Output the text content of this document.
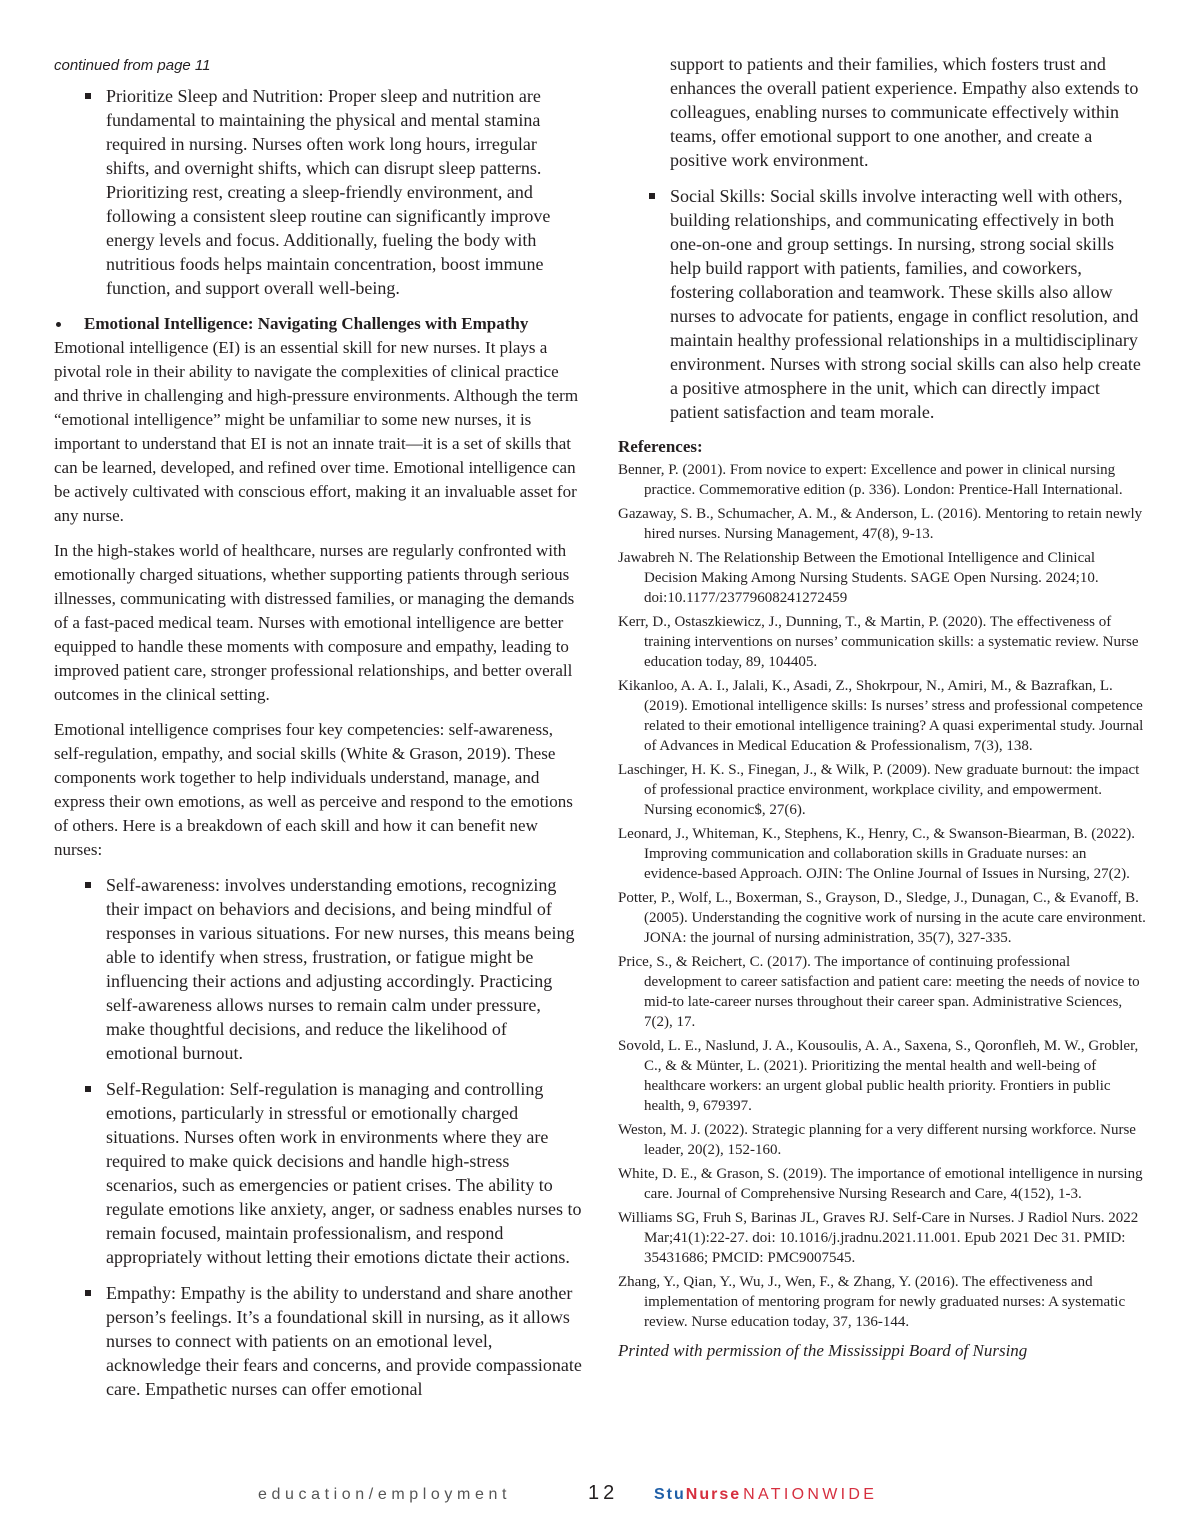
continued from page 11
Prioritize Sleep and Nutrition: Proper sleep and nutrition are fundamental to maintaining the physical and mental stamina required in nursing. Nurses often work long hours, irregular shifts, and overnight shifts, which can disrupt sleep patterns. Prioritizing rest, creating a sleep-friendly environment, and following a consistent sleep routine can significantly improve energy levels and focus. Additionally, fueling the body with nutritious foods helps maintain concentration, boost immune function, and support overall well-being.
Emotional Intelligence: Navigating Challenges with Empathy

Emotional intelligence (EI) is an essential skill for new nurses. It plays a pivotal role in their ability to navigate the complexities of clinical practice and thrive in challenging and high-pressure environments. Although the term “emotional intelligence” might be unfamiliar to some new nurses, it is important to understand that EI is not an innate trait—it is a set of skills that can be learned, developed, and refined over time. Emotional intelligence can be actively cultivated with conscious effort, making it an invaluable asset for any nurse.

In the high-stakes world of healthcare, nurses are regularly confronted with emotionally charged situations, whether supporting patients through serious illnesses, communicating with distressed families, or managing the demands of a fast-paced medical team. Nurses with emotional intelligence are better equipped to handle these moments with composure and empathy, leading to improved patient care, stronger professional relationships, and better overall outcomes in the clinical setting.

Emotional intelligence comprises four key competencies: self-awareness, self-regulation, empathy, and social skills (White & Grason, 2019). These components work together to help individuals understand, manage, and express their own emotions, as well as perceive and respond to the emotions of others. Here is a breakdown of each skill and how it can benefit new nurses:

Self-awareness: involves understanding emotions, recognizing their impact on behaviors and decisions, and being mindful of responses in various situations. For new nurses, this means being able to identify when stress, frustration, or fatigue might be influencing their actions and adjusting accordingly. Practicing self-awareness allows nurses to remain calm under pressure, make thoughtful decisions, and reduce the likelihood of emotional burnout.
Self-Regulation: Self-regulation is managing and controlling emotions, particularly in stressful or emotionally charged situations. Nurses often work in environments where they are required to make quick decisions and handle high-stress scenarios, such as emergencies or patient crises. The ability to regulate emotions like anxiety, anger, or sadness enables nurses to remain focused, maintain professionalism, and respond appropriately without letting their emotions dictate their actions.
Empathy: Empathy is the ability to understand and share another person’s feelings. It’s a foundational skill in nursing, as it allows nurses to connect with patients on an emotional level, acknowledge their fears and concerns, and provide compassionate care. Empathetic nurses can offer emotional

support to patients and their families, which fosters trust and enhances the overall patient experience. Empathy also extends to colleagues, enabling nurses to communicate effectively within teams, offer emotional support to one another, and create a positive work environment.

Social Skills: Social skills involve interacting well with others, building relationships, and communicating effectively in both one-on-one and group settings. In nursing, strong social skills help build rapport with patients, families, and coworkers, fostering collaboration and teamwork. These skills also allow nurses to advocate for patients, engage in conflict resolution, and maintain healthy professional relationships in a multidisciplinary environment. Nurses with strong social skills can also help create a positive atmosphere in the unit, which can directly impact patient satisfaction and team morale.
References:
Benner, P. (2001). From novice to expert: Excellence and power in clinical nursing practice. Commemorative edition (p. 336). London: Prentice-Hall International.
Gazaway, S. B., Schumacher, A. M., & Anderson, L. (2016). Mentoring to retain newly hired nurses. Nursing Management, 47(8), 9-13.
Jawabreh N. The Relationship Between the Emotional Intelligence and Clinical Decision Making Among Nursing Students. SAGE Open Nursing. 2024;10. doi:10.1177/23779608241272459
Kerr, D., Ostaszkiewicz, J., Dunning, T., & Martin, P. (2020). The effectiveness of training interventions on nurses’ communication skills: a systematic review. Nurse education today, 89, 104405.
Kikanloo, A. A. I., Jalali, K., Asadi, Z., Shokrpour, N., Amiri, M., & Bazrafkan, L. (2019). Emotional intelligence skills: Is nurses’ stress and professional competence related to their emotional intelligence training? A quasi experimental study. Journal of Advances in Medical Education & Professionalism, 7(3), 138.
Laschinger, H. K. S., Finegan, J., & Wilk, P. (2009). New graduate burnout: the impact of professional practice environment, workplace civility, and empowerment. Nursing economic$, 27(6).
Leonard, J., Whiteman, K., Stephens, K., Henry, C., & Swanson-Biearman, B. (2022). Improving communication and collaboration skills in Graduate nurses: an evidence-based Approach. OJIN: The Online Journal of Issues in Nursing, 27(2).
Potter, P., Wolf, L., Boxerman, S., Grayson, D., Sledge, J., Dunagan, C., & Evanoff, B. (2005). Understanding the cognitive work of nursing in the acute care environment. JONA: the journal of nursing administration, 35(7), 327-335.
Price, S., & Reichert, C. (2017). The importance of continuing professional development to career satisfaction and patient care: meeting the needs of novice to mid-to late-career nurses throughout their career span. Administrative Sciences, 7(2), 17.
Sovold, L. E., Naslund, J. A., Kousoulis, A. A., Saxena, S., Qoronfleh, M. W., Grobler, C., & & Münter, L. (2021). Prioritizing the mental health and well-being of healthcare workers: an urgent global public health priority. Frontiers in public health, 9, 679397.
Weston, M. J. (2022). Strategic planning for a very different nursing workforce. Nurse leader, 20(2), 152-160.
White, D. E., & Grason, S. (2019). The importance of emotional intelligence in nursing care. Journal of Comprehensive Nursing Research and Care, 4(152), 1-3.
Williams SG, Fruh S, Barinas JL, Graves RJ. Self-Care in Nurses. J Radiol Nurs. 2022 Mar;41(1):22-27. doi: 10.1016/j.jradnu.2021.11.001. Epub 2021 Dec 31. PMID: 35431686; PMCID: PMC9007545.
Zhang, Y., Qian, Y., Wu, J., Wen, F., & Zhang, Y. (2016). The effectiveness and implementation of mentoring program for newly graduated nurses: A systematic review. Nurse education today, 37, 136-144.
Printed with permission of the Mississippi Board of Nursing
education/employment	12 StuNurse NATIONWIDE
